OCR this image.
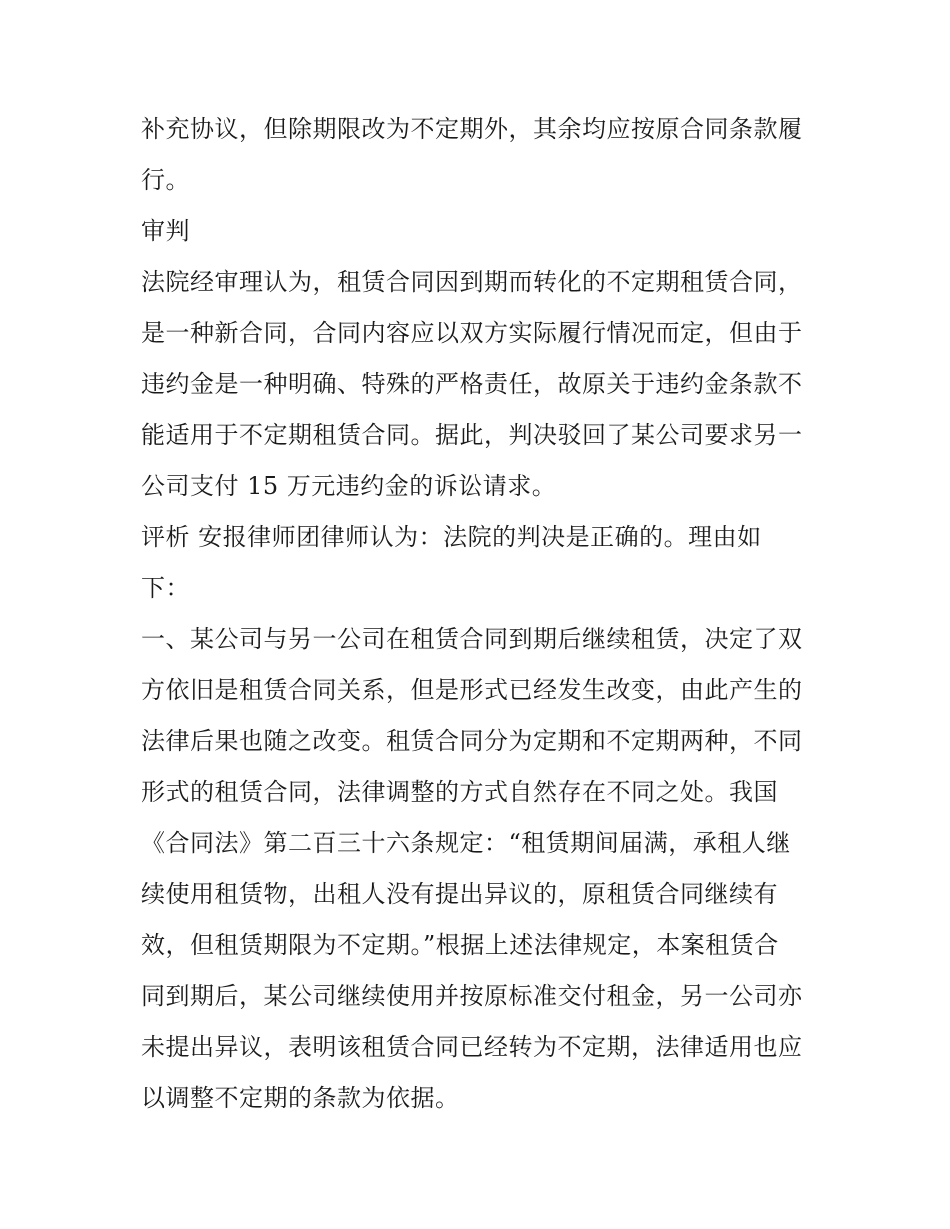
补充协议，但除期限改为不定期外，其余均应按原合同条款履
行。
审判
法院经审理认为，租赁合同因到期而转化的不定期租赁合同，
是一种新合同，合同内容应以双方实际履行情况而定，但由于
违约金是一种明确、特殊的严格责任，故原关于违约金条款不
能适用于不定期租赁合同。据此，判决驳回了某公司要求另一
公司支付 15 万元违约金的诉讼请求。
评析 安报律师团律师认为：法院的判决是正确的。理由如
下：
一、某公司与另一公司在租赁合同到期后继续租赁，决定了双
方依旧是租赁合同关系，但是形式已经发生改变，由此产生的
法律后果也随之改变。租赁合同分为定期和不定期两种，不同
形式的租赁合同，法律调整的方式自然存在不同之处。我国
《合同法》第二百三十六条规定：“租赁期间届满，承租人继
续使用租赁物，出租人没有提出异议的，原租赁合同继续有
效，但租赁期限为不定期。”根据上述法律规定，本案租赁合
同到期后，某公司继续使用并按原标准交付租金，另一公司亦
未提出异议，表明该租赁合同已经转为不定期，法律适用也应
以调整不定期的条款为依据。
